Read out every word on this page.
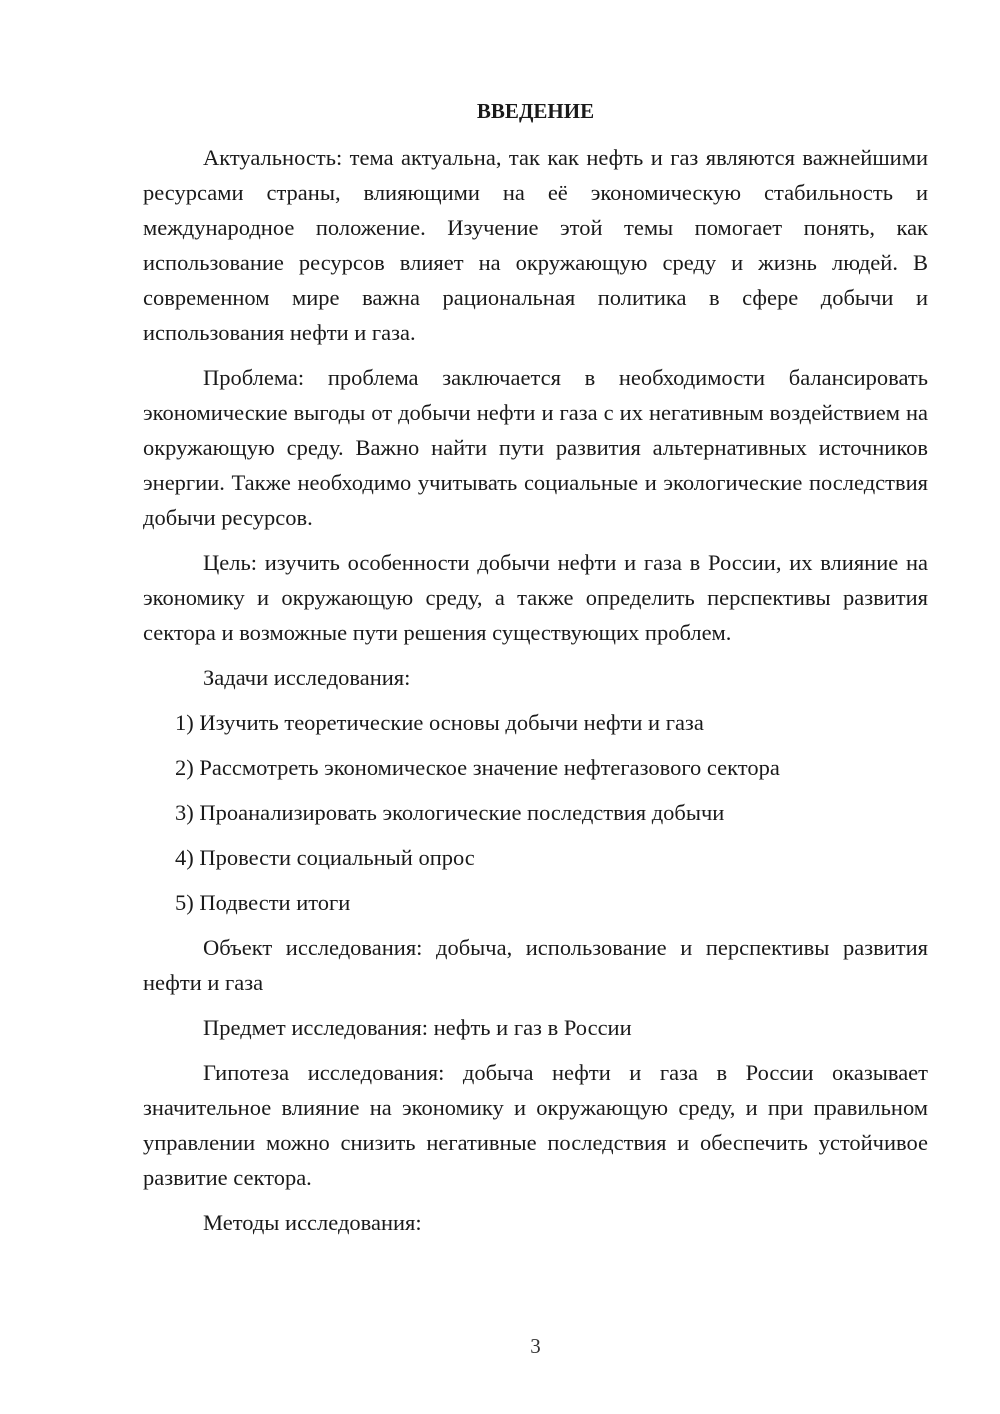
ВВЕДЕНИЕ

Актуальность: тема актуальна, так как нефть и газ являются важнейшими ресурсами страны, влияющими на её экономическую стабильность и международное положение. Изучение этой темы помогает понять, как использование ресурсов влияет на окружающую среду и жизнь людей. В современном мире важна рациональная политика в сфере добычи и использования нефти и газа.

Проблема: проблема заключается в необходимости балансировать экономические выгоды от добычи нефти и газа с их негативным воздействием на окружающую среду. Важно найти пути развития альтернативных источников энергии. Также необходимо учитывать социальные и экологические последствия добычи ресурсов.

Цель: изучить особенности добычи нефти и газа в России, их влияние на экономику и окружающую среду, а также определить перспективы развития сектора и возможные пути решения существующих проблем.

Задачи исследования:

1) Изучить теоретические основы добычи нефти и газа
2) Рассмотреть экономическое значение нефтегазового сектора
3) Проанализировать экологические последствия добычи
4) Провести социальный опрос
5) Подвести итоги

Объект исследования: добыча, использование и перспективы развития нефти и газа

Предмет исследования: нефть и газ в России

Гипотеза исследования: добыча нефти и газа в России оказывает значительное влияние на экономику и окружающую среду, и при правильном управлении можно снизить негативные последствия и обеспечить устойчивое развитие сектора.

Методы исследования:

3
